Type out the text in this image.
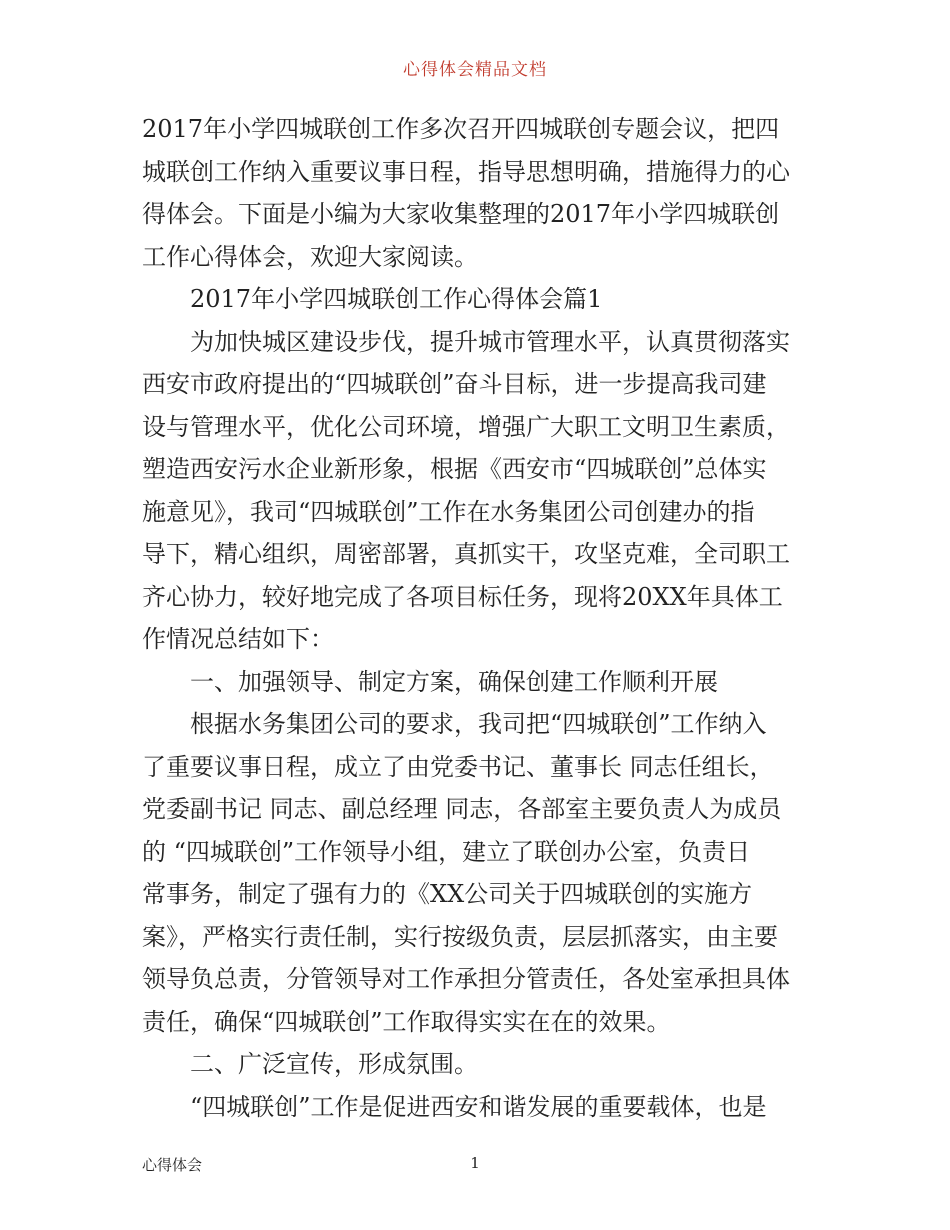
心得体会精品文档
2017年小学四城联创工作多次召开四城联创专题会议，把四
城联创工作纳入重要议事日程，指导思想明确，措施得力的心
得体会。下面是小编为大家收集整理的2017年小学四城联创
工作心得体会，欢迎大家阅读。
2017年小学四城联创工作心得体会篇1
为加快城区建设步伐，提升城市管理水平，认真贯彻落实
西安市政府提出的“四城联创”奋斗目标，进一步提高我司建
设与管理水平，优化公司环境，增强广大职工文明卫生素质，
塑造西安污水企业新形象，根据《西安市“四城联创”总体实
施意见》，我司“四城联创”工作在水务集团公司创建办的指
导下，精心组织，周密部署，真抓实干，攻坚克难，全司职工
齐心协力，较好地完成了各项目标任务，现将20XX年具体工
作情况总结如下：
一、加强领导、制定方案，确保创建工作顺利开展
根据水务集团公司的要求，我司把“四城联创”工作纳入
了重要议事日程，成立了由党委书记、董事长 同志任组长，
党委副书记 同志、副总经理 同志，各部室主要负责人为成员
的 “四城联创”工作领导小组，建立了联创办公室，负责日
常事务，制定了强有力的《XX公司关于四城联创的实施方
案》，严格实行责任制，实行按级负责，层层抓落实，由主要
领导负总责，分管领导对工作承担分管责任，各处室承担具体
责任，确保“四城联创”工作取得实实在在的效果。
二、广泛宣传，形成氛围。
“四城联创”工作是促进西安和谐发展的重要载体，也是
心得体会	1
